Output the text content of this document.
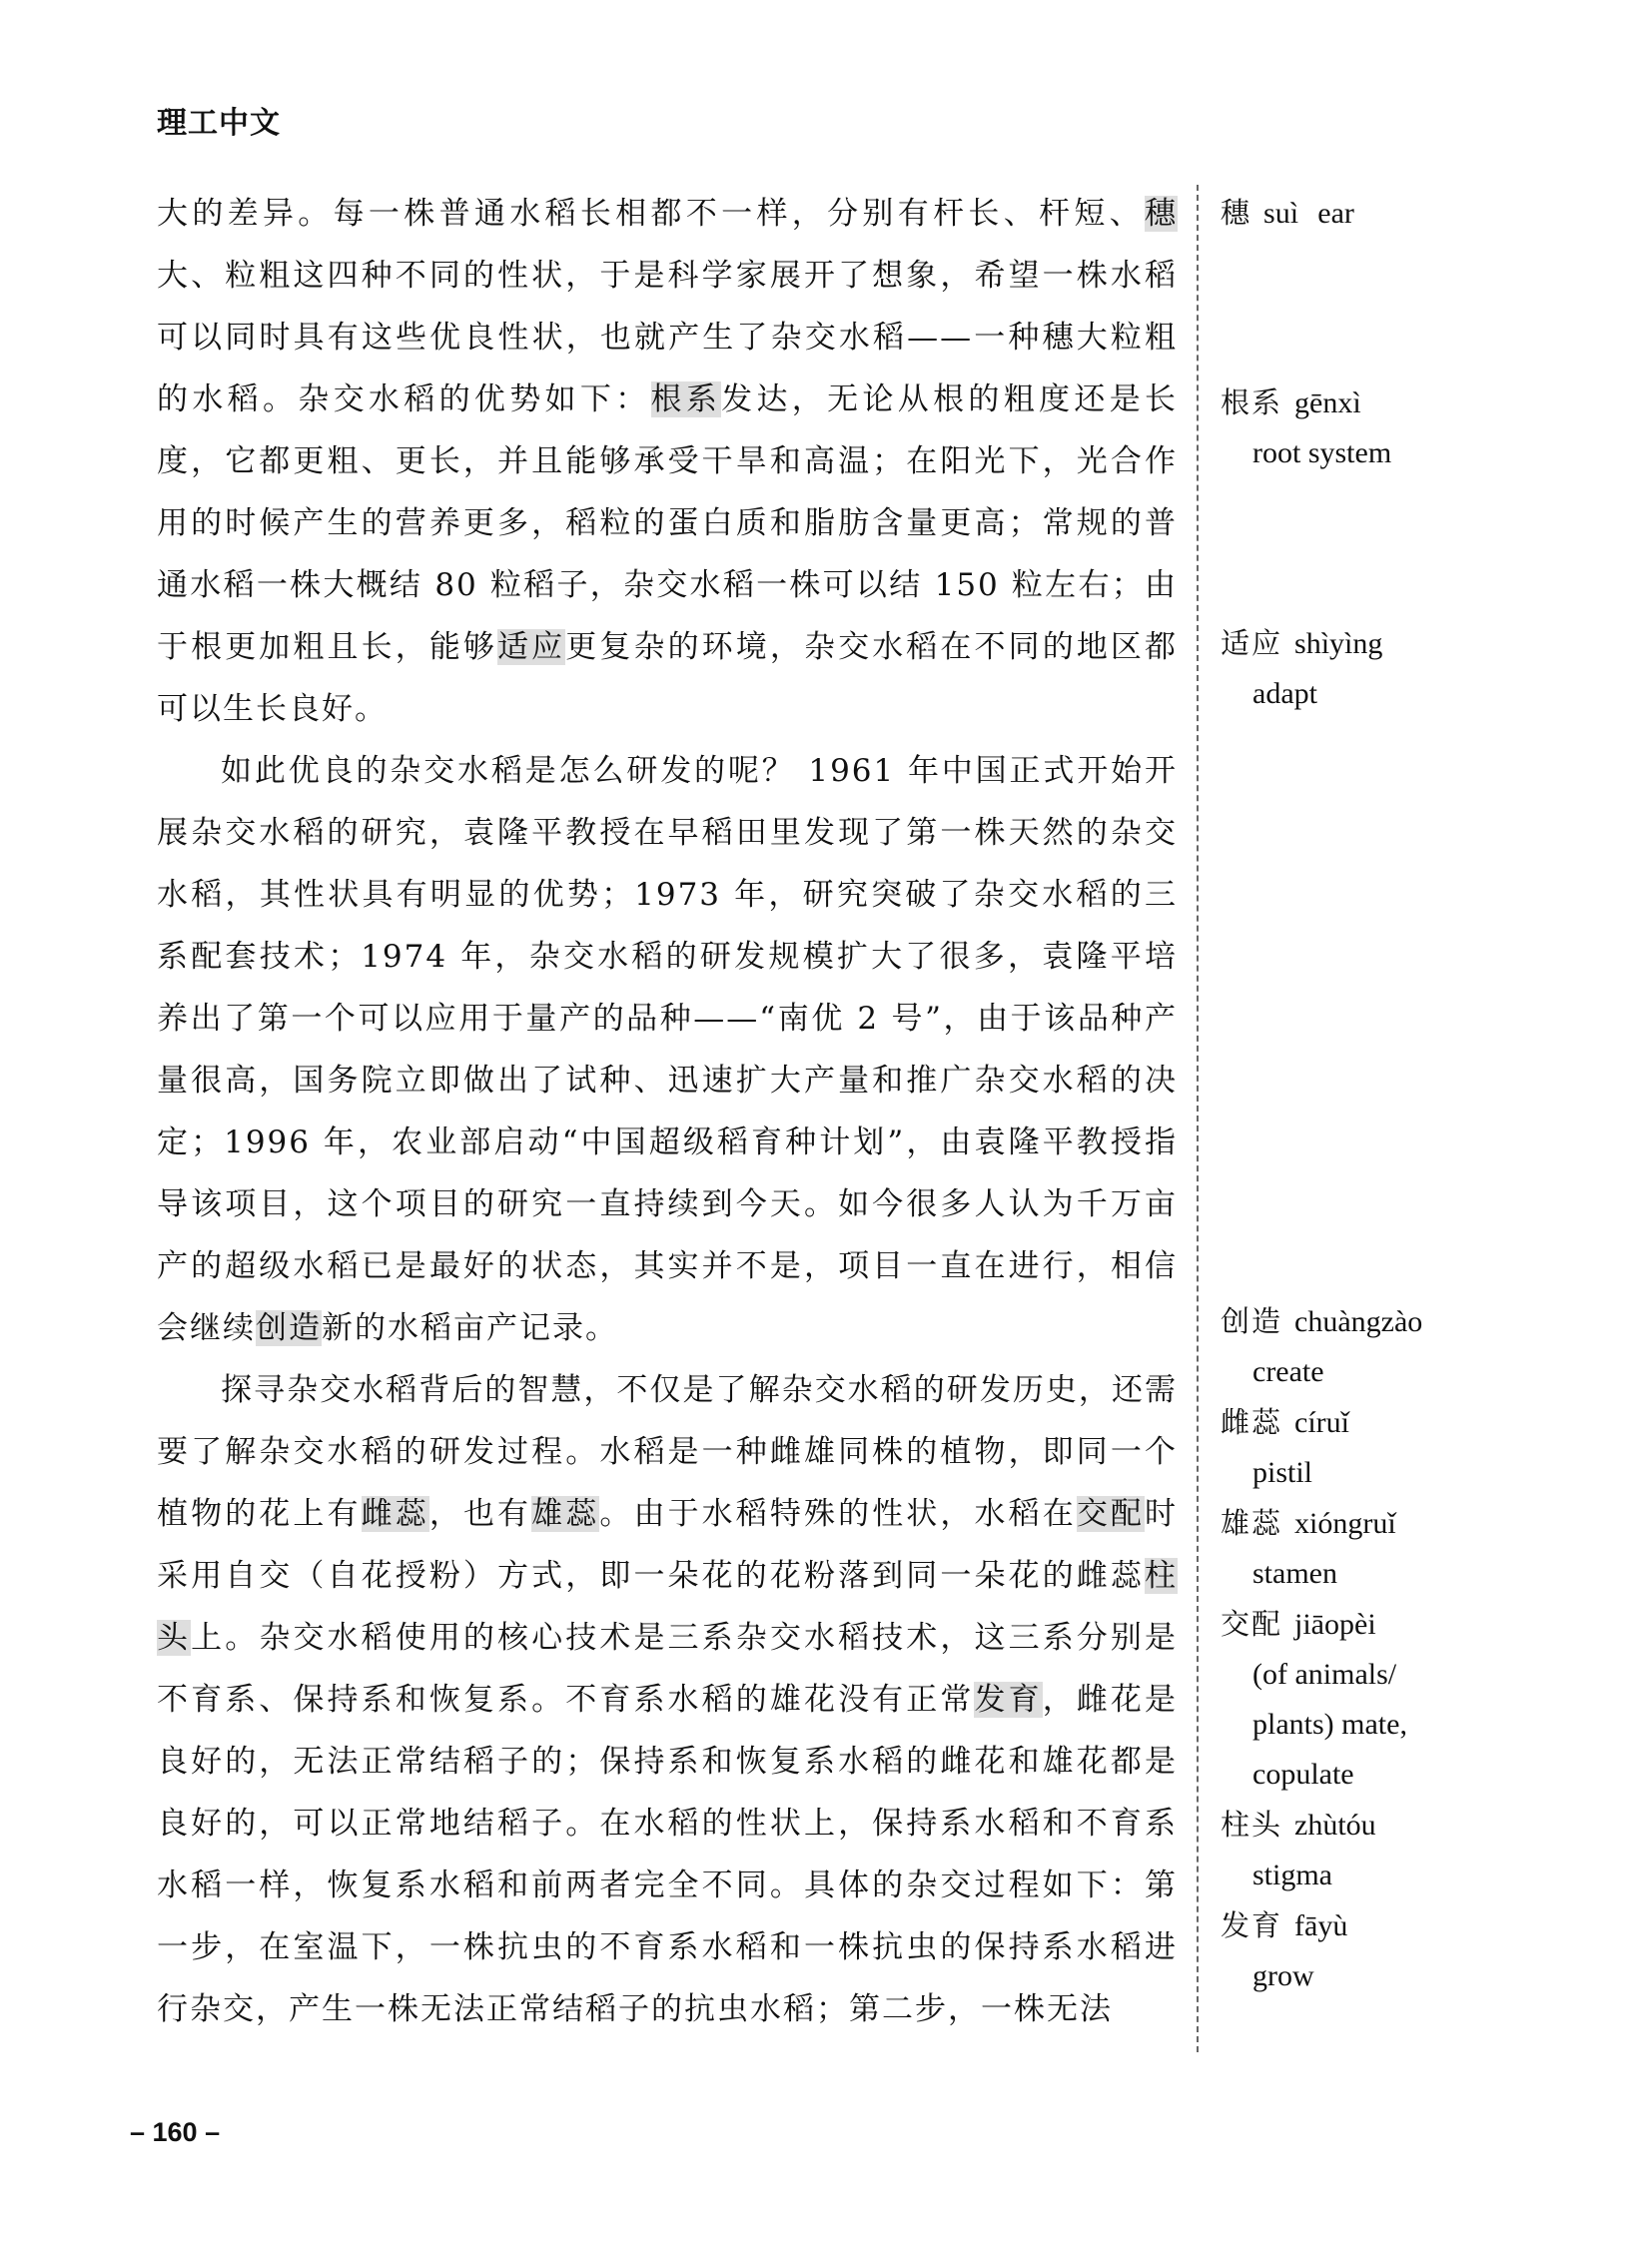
理工中文

大的差异。每一株普通水稻长相都不一样，分别有杆长、杆短、穗大、粒粗这四种不同的性状，于是科学家展开了想象，希望一株水稻可以同时具有这些优良性状，也就产生了杂交水稻——一种穗大粒粗的水稻。杂交水稻的优势如下：根系发达，无论从根的粗度还是长度，它都更粗、更长，并且能够承受干旱和高温；在阳光下，光合作用的时候产生的营养更多，稻粒的蛋白质和脂肪含量更高；常规的普通水稻一株大概结 80 粒稻子，杂交水稻一株可以结 150 粒左右；由于根更加粗且长，能够适应更复杂的环境，杂交水稻在不同的地区都可以生长良好。

如此优良的杂交水稻是怎么研发的呢？ 1961 年中国正式开始开展杂交水稻的研究，袁隆平教授在早稻田里发现了第一株天然的杂交水稻，其性状具有明显的优势；1973 年，研究突破了杂交水稻的三系配套技术；1974 年，杂交水稻的研发规模扩大了很多，袁隆平培养出了第一个可以应用于量产的品种——“南优 2 号”，由于该品种产量很高，国务院立即做出了试种、迅速扩大产量和推广杂交水稻的决定；1996 年，农业部启动“中国超级稻育种计划”，由袁隆平教授指导该项目，这个项目的研究一直持续到今天。如今很多人认为千万亩产的超级水稻已是最好的状态，其实并不是，项目一直在进行，相信会继续创造新的水稻亩产记录。

探寻杂交水稻背后的智慧，不仅是了解杂交水稻的研发历史，还需要了解杂交水稻的研发过程。水稻是一种雌雄同株的植物，即同一个植物的花上有雌蕊，也有雄蕊。由于水稻特殊的性状，水稻在交配时采用自交（自花授粉）方式，即一朵花的花粉落到同一朵花的雌蕊柱头上。杂交水稻使用的核心技术是三系杂交水稻技术，这三系分别是不育系、保持系和恢复系。不育系水稻的雄花没有正常发育，雌花是良好的，无法正常结稻子的；保持系和恢复系水稻的雌花和雄花都是良好的，可以正常地结稻子。在水稻的性状上，保持系水稻和不育系水稻一样，恢复系水稻和前两者完全不同。具体的杂交过程如下：第一步，在室温下，一株抗虫的不育系水稻和一株抗虫的保持系水稻进行杂交，产生一株无法正常结稻子的抗虫水稻；第二步，一株无法

穗 suì ear
根系 gēnxì
root system
适应 shìyìng
adapt
创造 chuàngzào
create
雌蕊 círuǐ
pistil
雄蕊 xióngruǐ
stamen
交配 jiāopèi
(of animals/ plants) mate, copulate
柱头 zhùtóu
stigma
发育 fāyù
grow
– 160 –
